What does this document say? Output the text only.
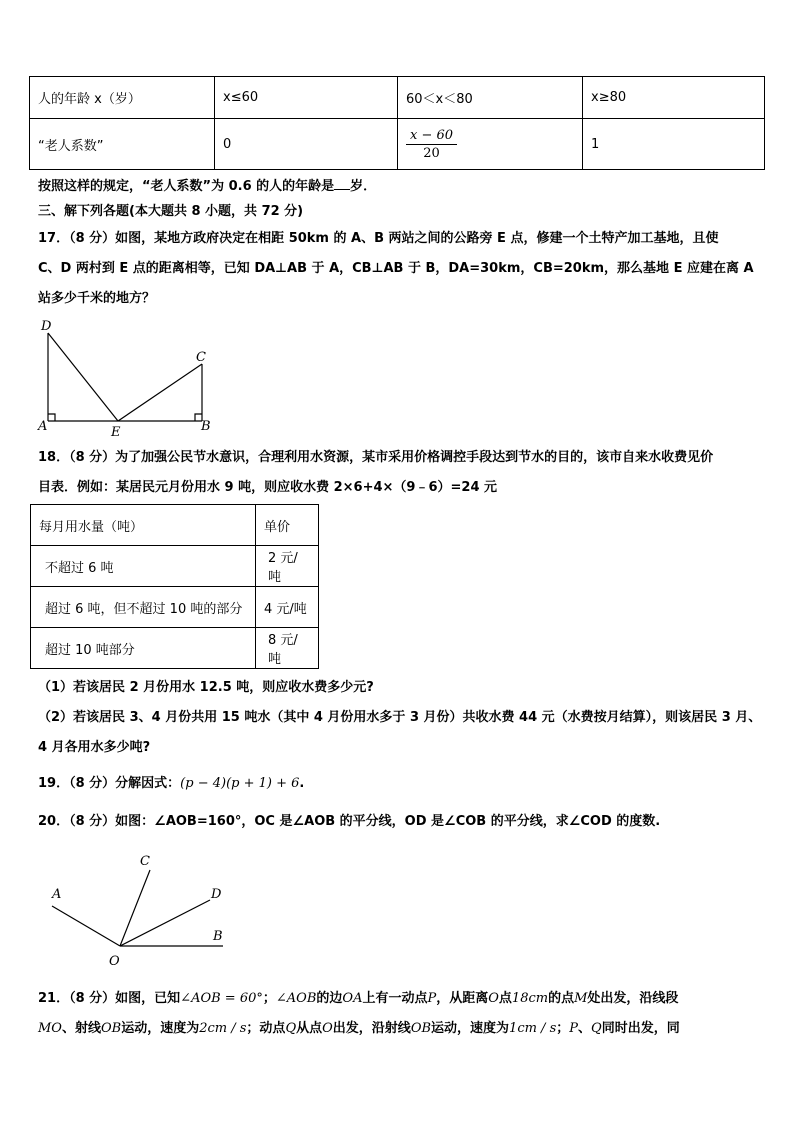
人的年龄 x（岁）	x≤60	60＜x＜80	x≥80
“老人系数”	0	$\frac{x - 60}{20}$	1
按照这样的规定，“老人系数”为 0.6 的人的年龄是 岁．
三、解下列各题(本大题共 8 小题，共 72 分)
17．（8 分）如图，某地方政府决定在相距 50km 的 A、B 两站之间的公路旁 E 点，修建一个土特产加工基地，且使
C、D 两村到 E 点的距离相等，已知 DA⊥AB 于 A，CB⊥AB 于 B，DA=30km，CB=20km，那么基地 E 应建在离 A
站多少千米的地方？
D
C
A	E	B
18．（8 分）为了加强公民节水意识，合理利用水资源，某市采用价格调控手段达到节水的目的，该市自来水收费见价
目表．例如：某居民元月份用水 9 吨，则应收水费 2×6+4×（9﹣6）=24 元
每月用水量（吨）	单价
不超过 6 吨	2 元/吨
超过 6 吨，但不超过 10 吨的部分	4 元/吨
超过 10 吨部分	8 元/吨
（1）若该居民 2 月份用水 12.5 吨，则应收水费多少元?
（2）若该居民 3、4 月份共用 15 吨水（其中 4 月份用水多于 3 月份）共收水费 44 元（水费按月结算），则该居民 3 月、
4 月各用水多少吨?
19．（8 分）分解因式：(p − 4)(p + 1) + 6.
20．（8 分）如图：∠AOB=160°，OC 是∠AOB 的平分线，OD 是∠COB 的平分线，求∠COD 的度数.
C
A	D
B
O
21．（8 分）如图，已知∠AOB = 60°；∠AOB的边OA上有一动点P，从距离O点18cm的点M处出发，沿线段
MO、射线OB运动，速度为2cm / s；动点Q从点O出发，沿射线OB运动，速度为1cm / s；P、Q同时出发，同
